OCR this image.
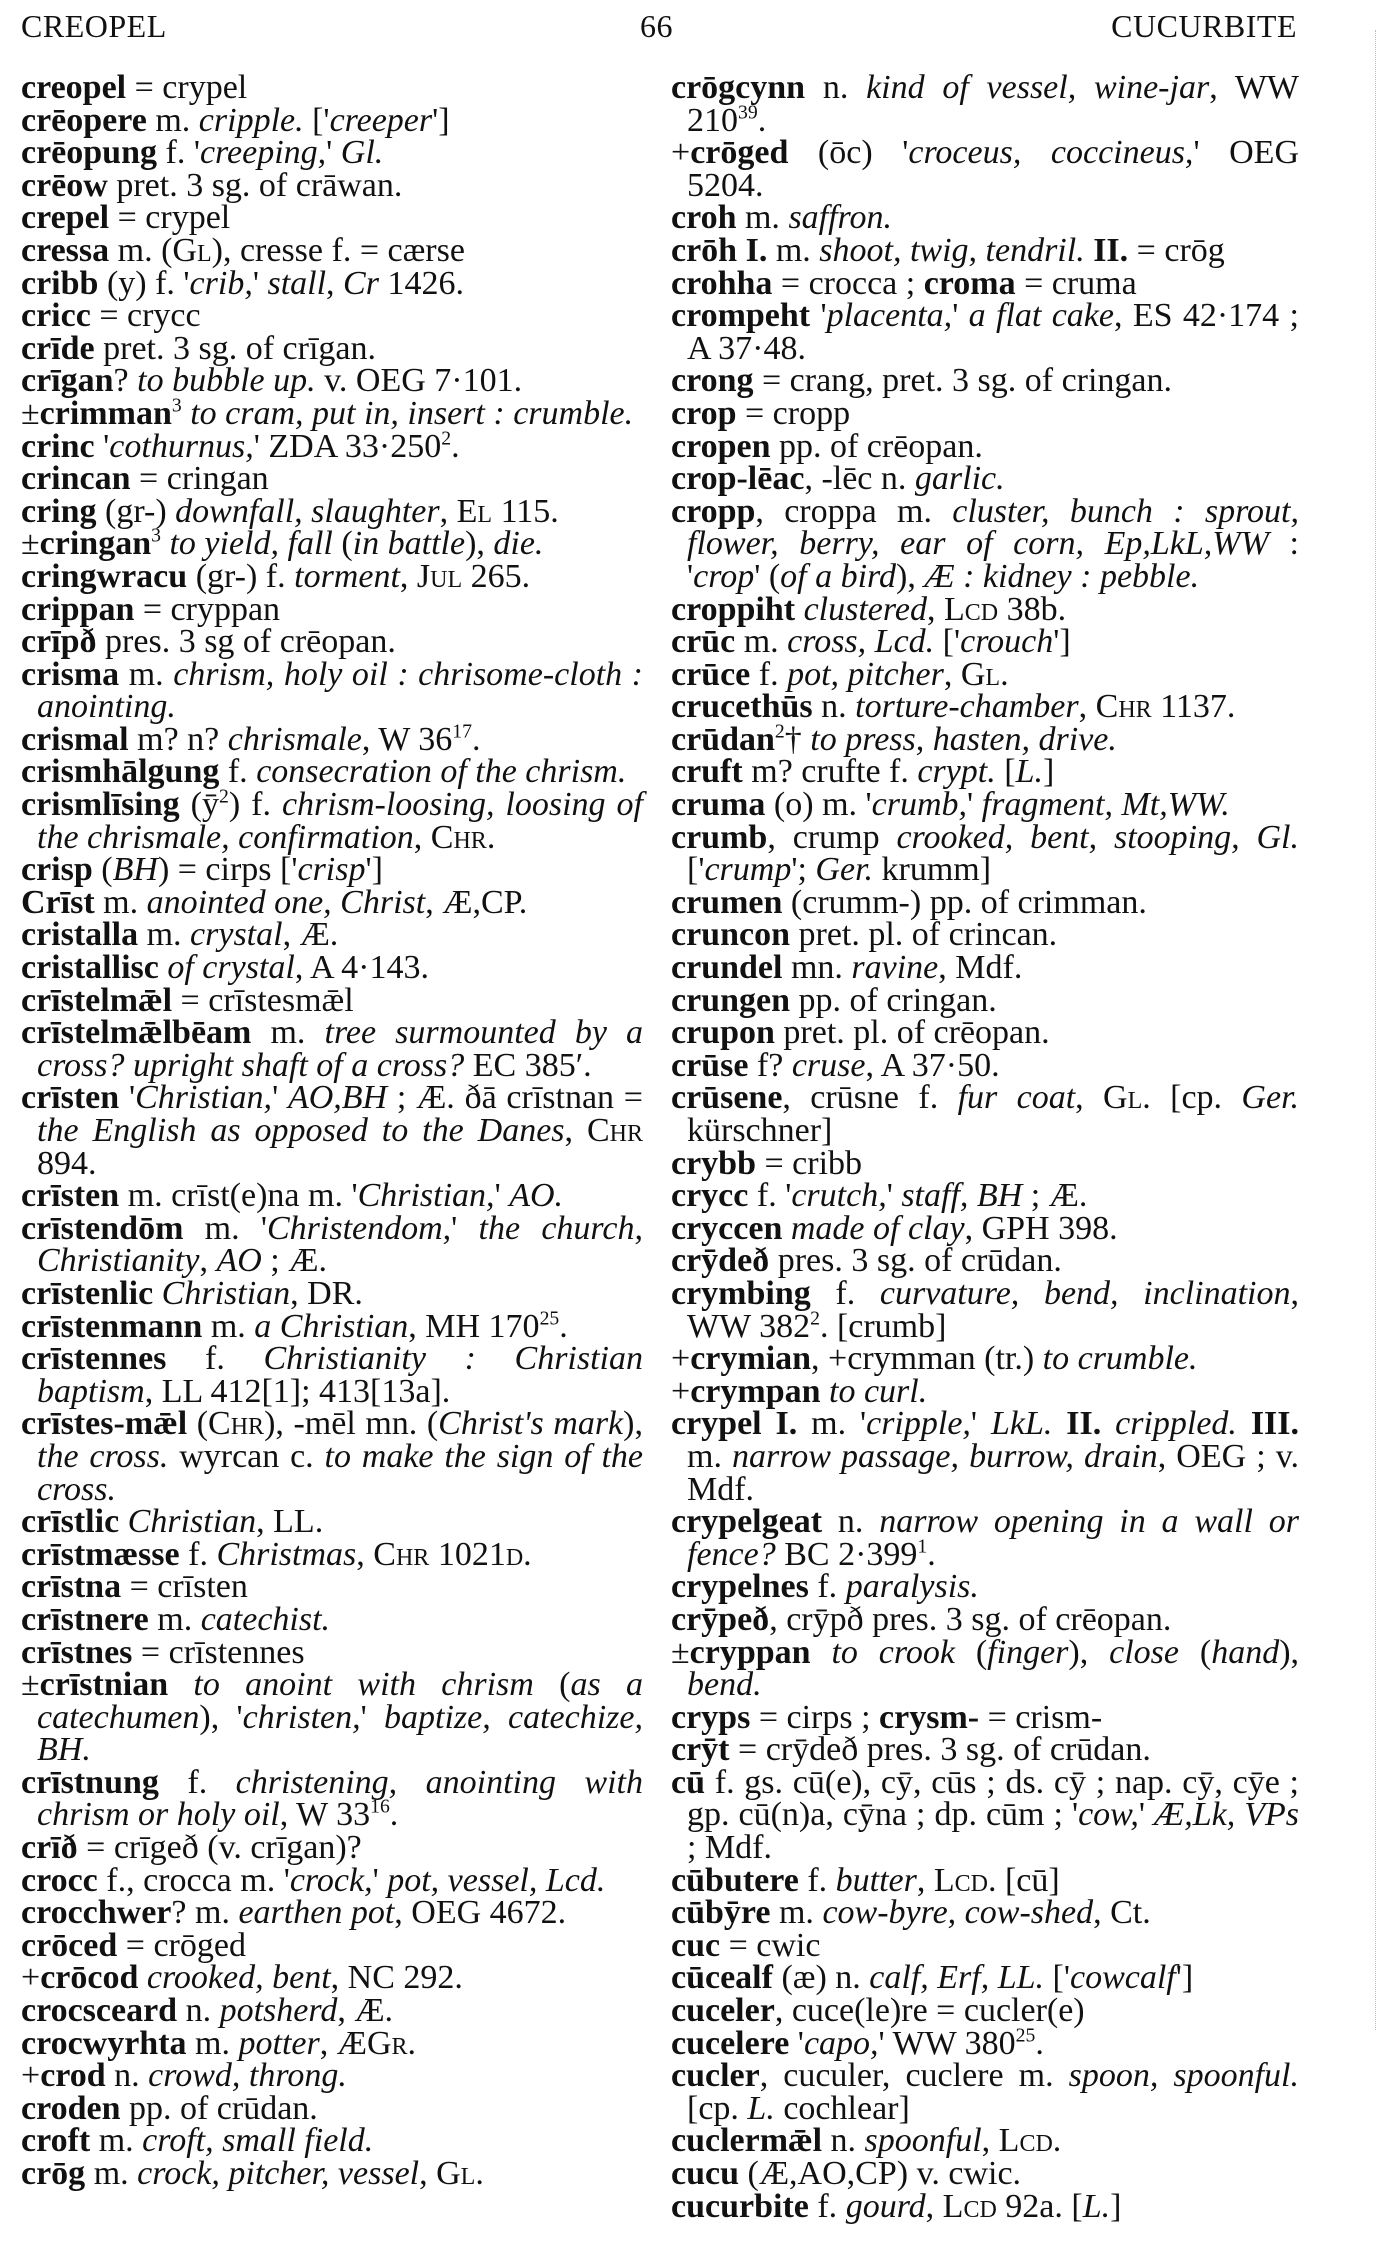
CREOPEL	66	CUCURBITE
creopel = crypel
crēopere m. cripple. ['creeper']
crēopung f. 'creeping,' Gl.
crēow pret. 3 sg. of crāwan.
crepel = crypel
cressa m. (Gl), cresse f. = cærse
cribb (y) f. 'crib,' stall, Cr 1426.
cricc = crycc
crīde pret. 3 sg. of crīgan.
crīgan? to bubble up. v. OEG 7·101.
±crimman$^3$ to cram, put in, insert : crumble.
crinc 'cothurnus,' ZDA $33\cdot 250^2$.
crincan = cringan
cring (gr-) downfall, slaughter, El 115.
±cringan$^3$ to yield, fall (in battle), die.
cringwracu (gr-) f. torment, Jul 265.
crippan = cryppan
crīpð pres. 3 sg of crēopan.
crisma m. chrism, holy oil : chrisome-cloth : anointing.
crismal m? n? chrismale, W $36^{17}$.
crismhālgung f. consecration of the chrism.
crismlīsing $(ȳ^2)$ f. chrism-loosing, loosing of the chrismale, confirmation, Chr.
crisp (BH) = cirps ['crisp']
Crīst m. anointed one, Christ, Æ,CP.
cristalla m. crystal, Æ.
cristallisc of crystal, A 4·143.
crīstelmǣl = crīstesmǣl
crīstelmǣlbēam m. tree surmounted by a cross? upright shaft of a cross? EC 385′.
crīsten 'Christian,' AO,BH ; Æ. ðā crīstnan = the English as opposed to the Danes, Chr 894.
crīsten m. crīst(e)na m. 'Christian,' AO.
crīstendōm m. 'Christendom,' the church, Christianity, AO ; Æ.
crīstenlic Christian, DR.
crīstenmann m. a Christian, MH $170^{25}$.
crīstennes f. Christianity : Christian baptism, LL 412[1]; 413[13a].
crīstes-mǣl (Chr), -mēl mn. (Christ's mark), the cross. wyrcan c. to make the sign of the cross.
crīstlic Christian, LL.
crīstmæsse f. Christmas, Chr 1021d.
crīstna = crīsten
crīstnere m. catechist.
crīstnes = crīstennes
±crīstnian to anoint with chrism (as a catechumen), 'christen,' baptize, catechize, BH.
crīstnung f. christening, anointing with chrism or holy oil, W $33^{16}$.
crīð = crīgeð (v. crīgan)?
crocc f., crocca m. 'crock,' pot, vessel, Lcd.
crocchwer? m. earthen pot, OEG 4672.
crōced = crōged
+crōcod crooked, bent, NC 292.
crocsceard n. potsherd, Æ.
crocwyrhta m. potter, ÆGr.
+crod n. crowd, throng.
croden pp. of crūdan.
croft m. croft, small field.
crōg m. crock, pitcher, vessel, Gl.
crōgcynn n. kind of vessel, wine-jar, WW $210^{39}$.
+crōged (ōc) 'croceus, coccineus,' OEG 5204.
croh m. saffron.
crōh I. m. shoot, twig, tendril. II. = crōg
crohha = crocca ; croma = cruma
crompeht 'placenta,' a flat cake, ES 42·174 ; A 37·48.
crong = crang, pret. 3 sg. of cringan.
crop = cropp
cropen pp. of crēopan.
crop-lēac, -lēc n. garlic.
cropp, croppa m. cluster, bunch : sprout, flower, berry, ear of corn, Ep,LkL,WW : 'crop' (of a bird), Æ : kidney : pebble.
croppiht clustered, Lcd 38b.
crūc m. cross, Lcd. ['crouch']
crūce f. pot, pitcher, Gl.
crucethūs n. torture-chamber, Chr 1137.
crūdan$^2$† to press, hasten, drive.
cruft m? crufte f. crypt. [L.]
cruma (o) m. 'crumb,' fragment, Mt,WW.
crumb, crump crooked, bent, stooping, Gl. ['crump'; Ger. krumm]
crumen (crumm-) pp. of crimman.
cruncon pret. pl. of crincan.
crundel mn. ravine, Mdf.
crungen pp. of cringan.
crupon pret. pl. of crēopan.
crūse f? cruse, A 37·50.
crūsene, crūsne f. fur coat, Gl. [cp. Ger. kürschner]
crybb = cribb
crycc f. 'crutch,' staff, BH ; Æ.
cryccen made of clay, GPH 398.
crȳdeð pres. 3 sg. of crūdan.
crymbing f. curvature, bend, inclination, WW $382^2$. [crumb]
+crymian, +crymman (tr.) to crumble.
+crympan to curl.
crypel I. m. 'cripple,' LkL. II. crippled. III. m. narrow passage, burrow, drain, OEG ; v. Mdf.
crypelgeat n. narrow opening in a wall or fence? BC $2\cdot 399^1$.
crypelnes f. paralysis.
crȳpeð, crȳpð pres. 3 sg. of crēopan.
±cryppan to crook (finger), close (hand), bend.
cryps = cirps ; crysm- = crism-
crȳt = crȳdeð pres. 3 sg. of crūdan.
cū f. gs. cū(e), cȳ, cūs ; ds. cȳ ; nap. cȳ, cȳe ; gp. cū(n)a, cȳna ; dp. cūm ; 'cow,' Æ,Lk, VPs ; Mdf.
cūbutere f. butter, Lcd. [cū]
cūbȳre m. cow-byre, cow-shed, Ct.
cuc = cwic
cūcealf (æ) n. calf, Erf, LL. ['cowcalf']
cuceler, cuce(le)re = cucler(e)
cucelere 'capo,' WW $380^{25}$.
cucler, cuculer, cuclere m. spoon, spoonful. [cp. L. cochlear]
cuclermǣl n. spoonful, Lcd.
cucu (Æ,AO,CP) v. cwic.
cucurbite f. gourd, Lcd 92a. [L.]
